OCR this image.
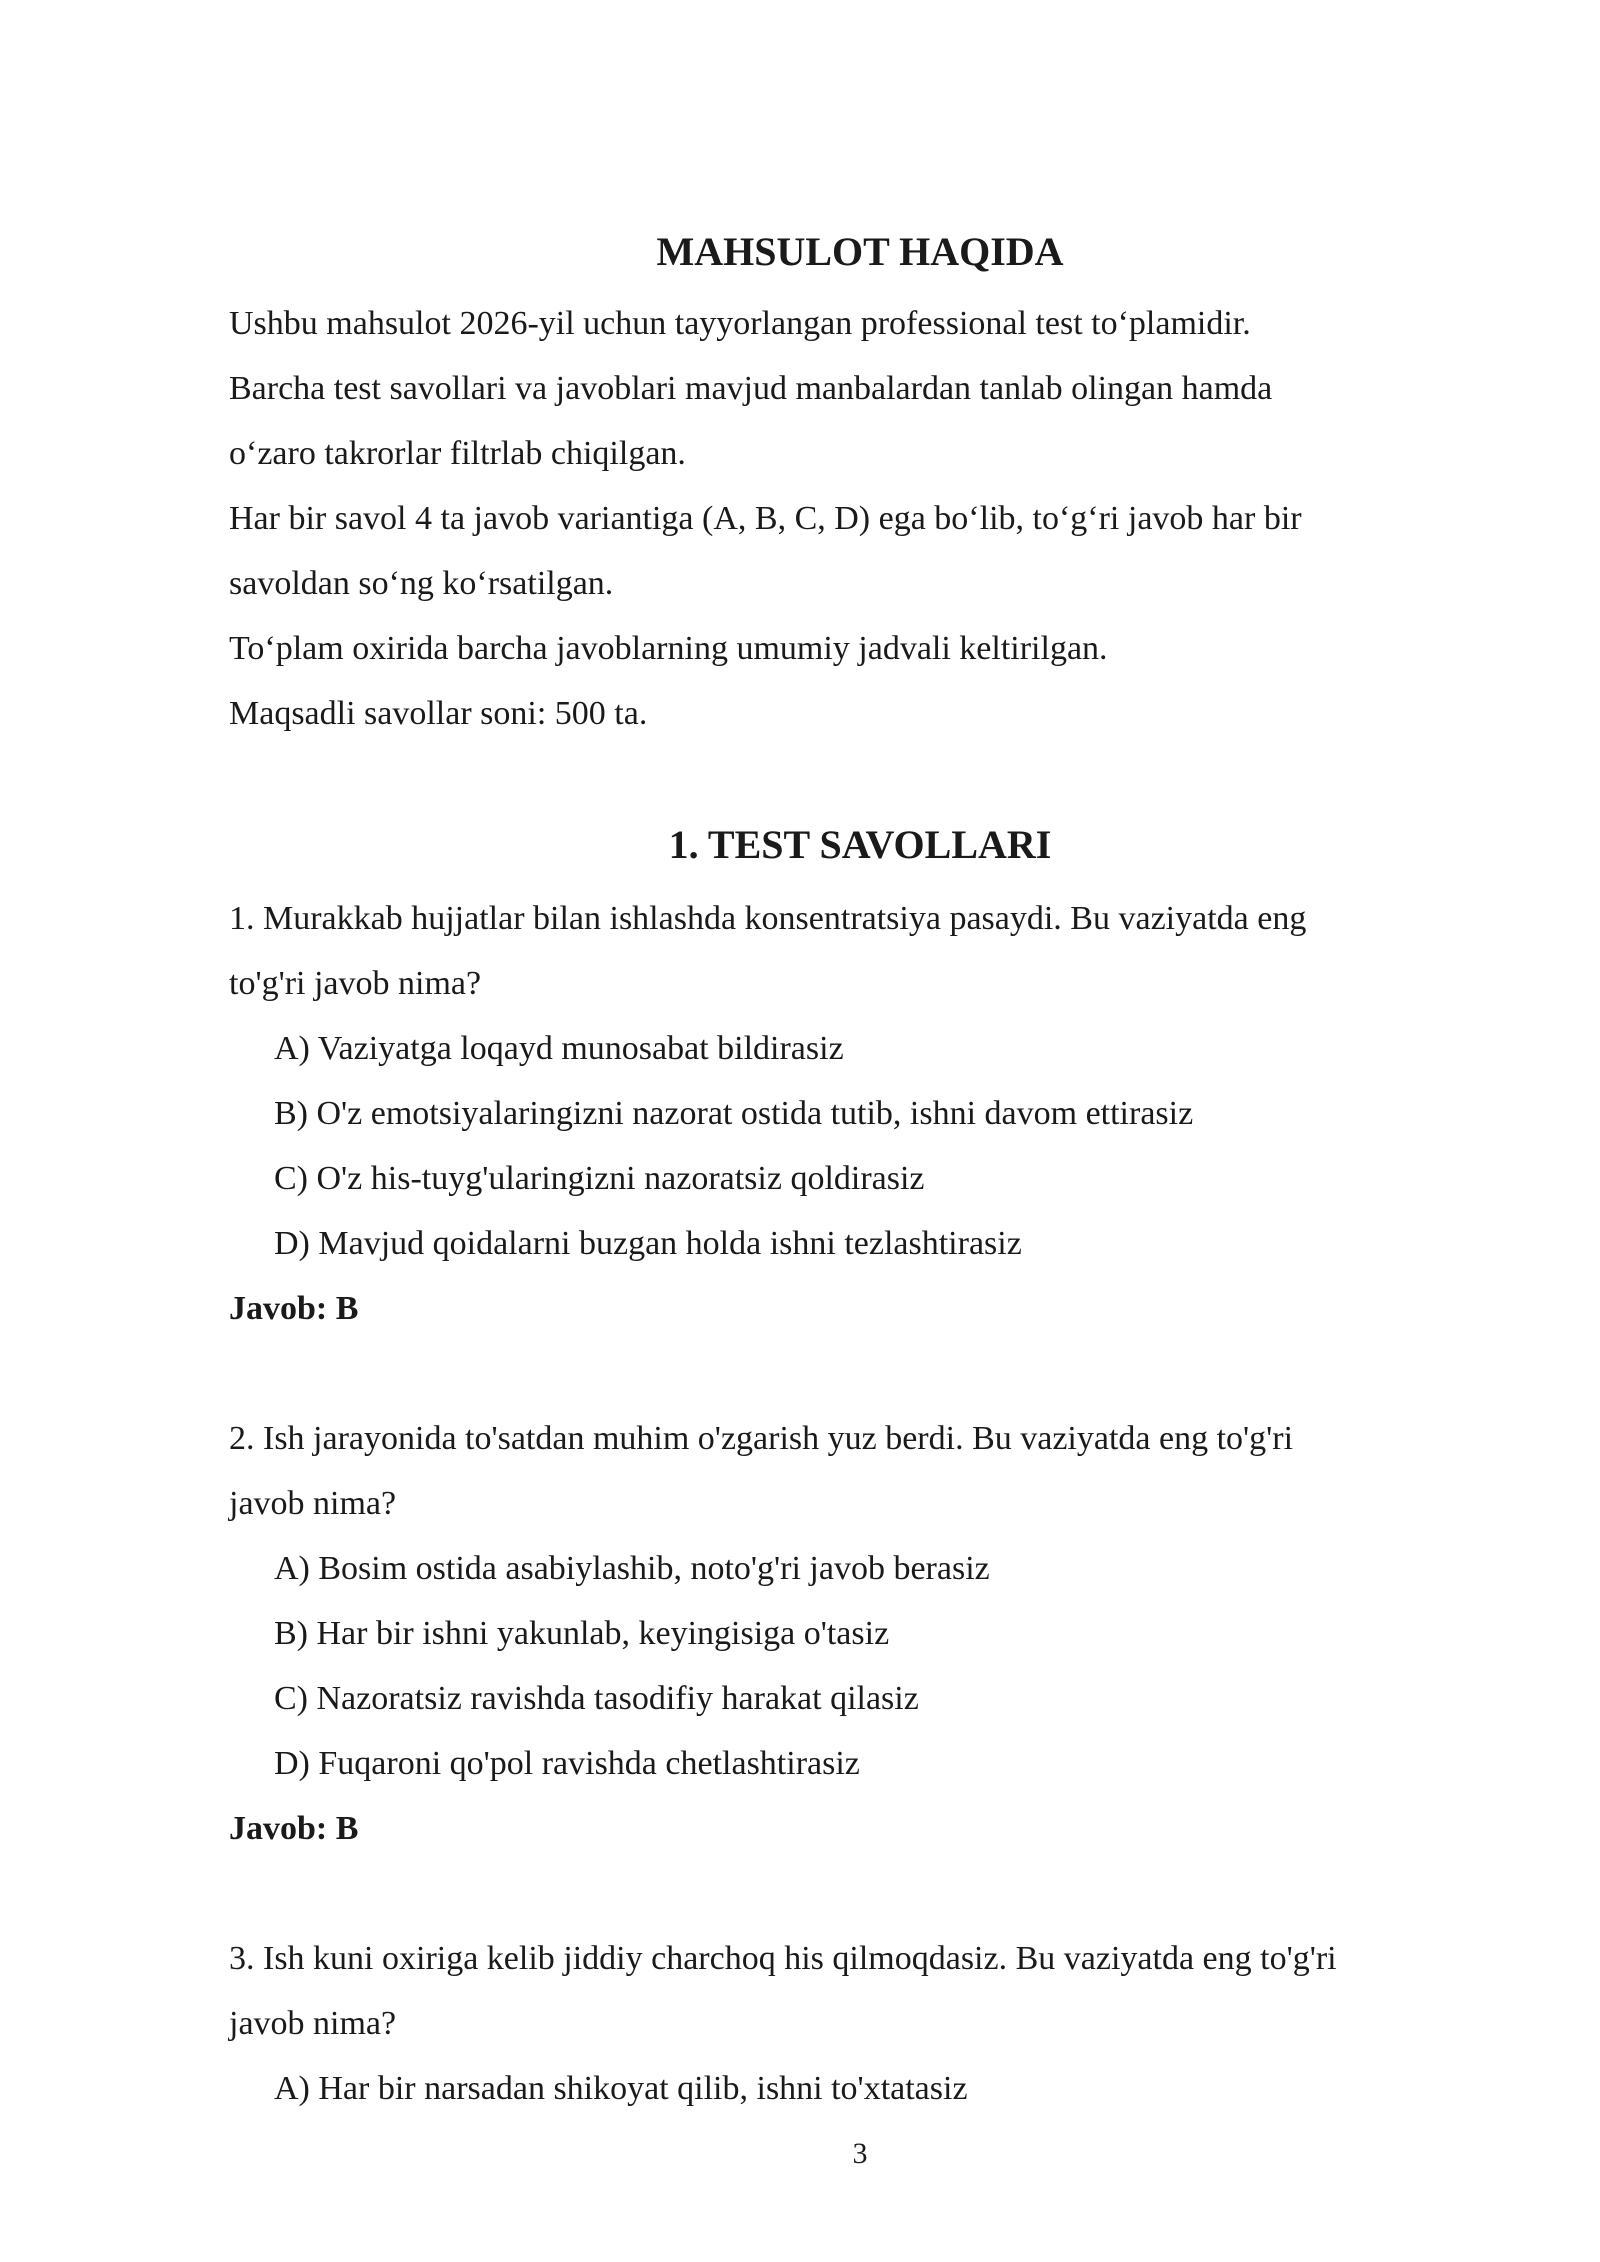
MAHSULOT HAQIDA

Ushbu mahsulot 2026-yil uchun tayyorlangan professional test to‘plamidir.

Barcha test savollari va javoblari mavjud manbalardan tanlab olingan hamda

o‘zaro takrorlar filtrlab chiqilgan.

Har bir savol 4 ta javob variantiga (A, B, C, D) ega bo‘lib, to‘g‘ri javob har bir

savoldan so‘ng ko‘rsatilgan.

To‘plam oxirida barcha javoblarning umumiy jadvali keltirilgan.

Maqsadli savollar soni: 500 ta.

1. TEST SAVOLLARI

1. Murakkab hujjatlar bilan ishlashda konsentratsiya pasaydi. Bu vaziyatda eng

to'g'ri javob nima?

A) Vaziyatga loqayd munosabat bildirasiz

B) O'z emotsiyalaringizni nazorat ostida tutib, ishni davom ettirasiz

C) O'z his-tuyg'ularingizni nazoratsiz qoldirasiz

D) Mavjud qoidalarni buzgan holda ishni tezlashtirasiz

Javob: B

2. Ish jarayonida to'satdan muhim o'zgarish yuz berdi. Bu vaziyatda eng to'g'ri

javob nima?

A) Bosim ostida asabiylashib, noto'g'ri javob berasiz

B) Har bir ishni yakunlab, keyingisiga o'tasiz

C) Nazoratsiz ravishda tasodifiy harakat qilasiz

D) Fuqaroni qo'pol ravishda chetlashtirasiz

Javob: B

3. Ish kuni oxiriga kelib jiddiy charchoq his qilmoqdasiz. Bu vaziyatda eng to'g'ri

javob nima?

A) Har bir narsadan shikoyat qilib, ishni to'xtatasiz

3
